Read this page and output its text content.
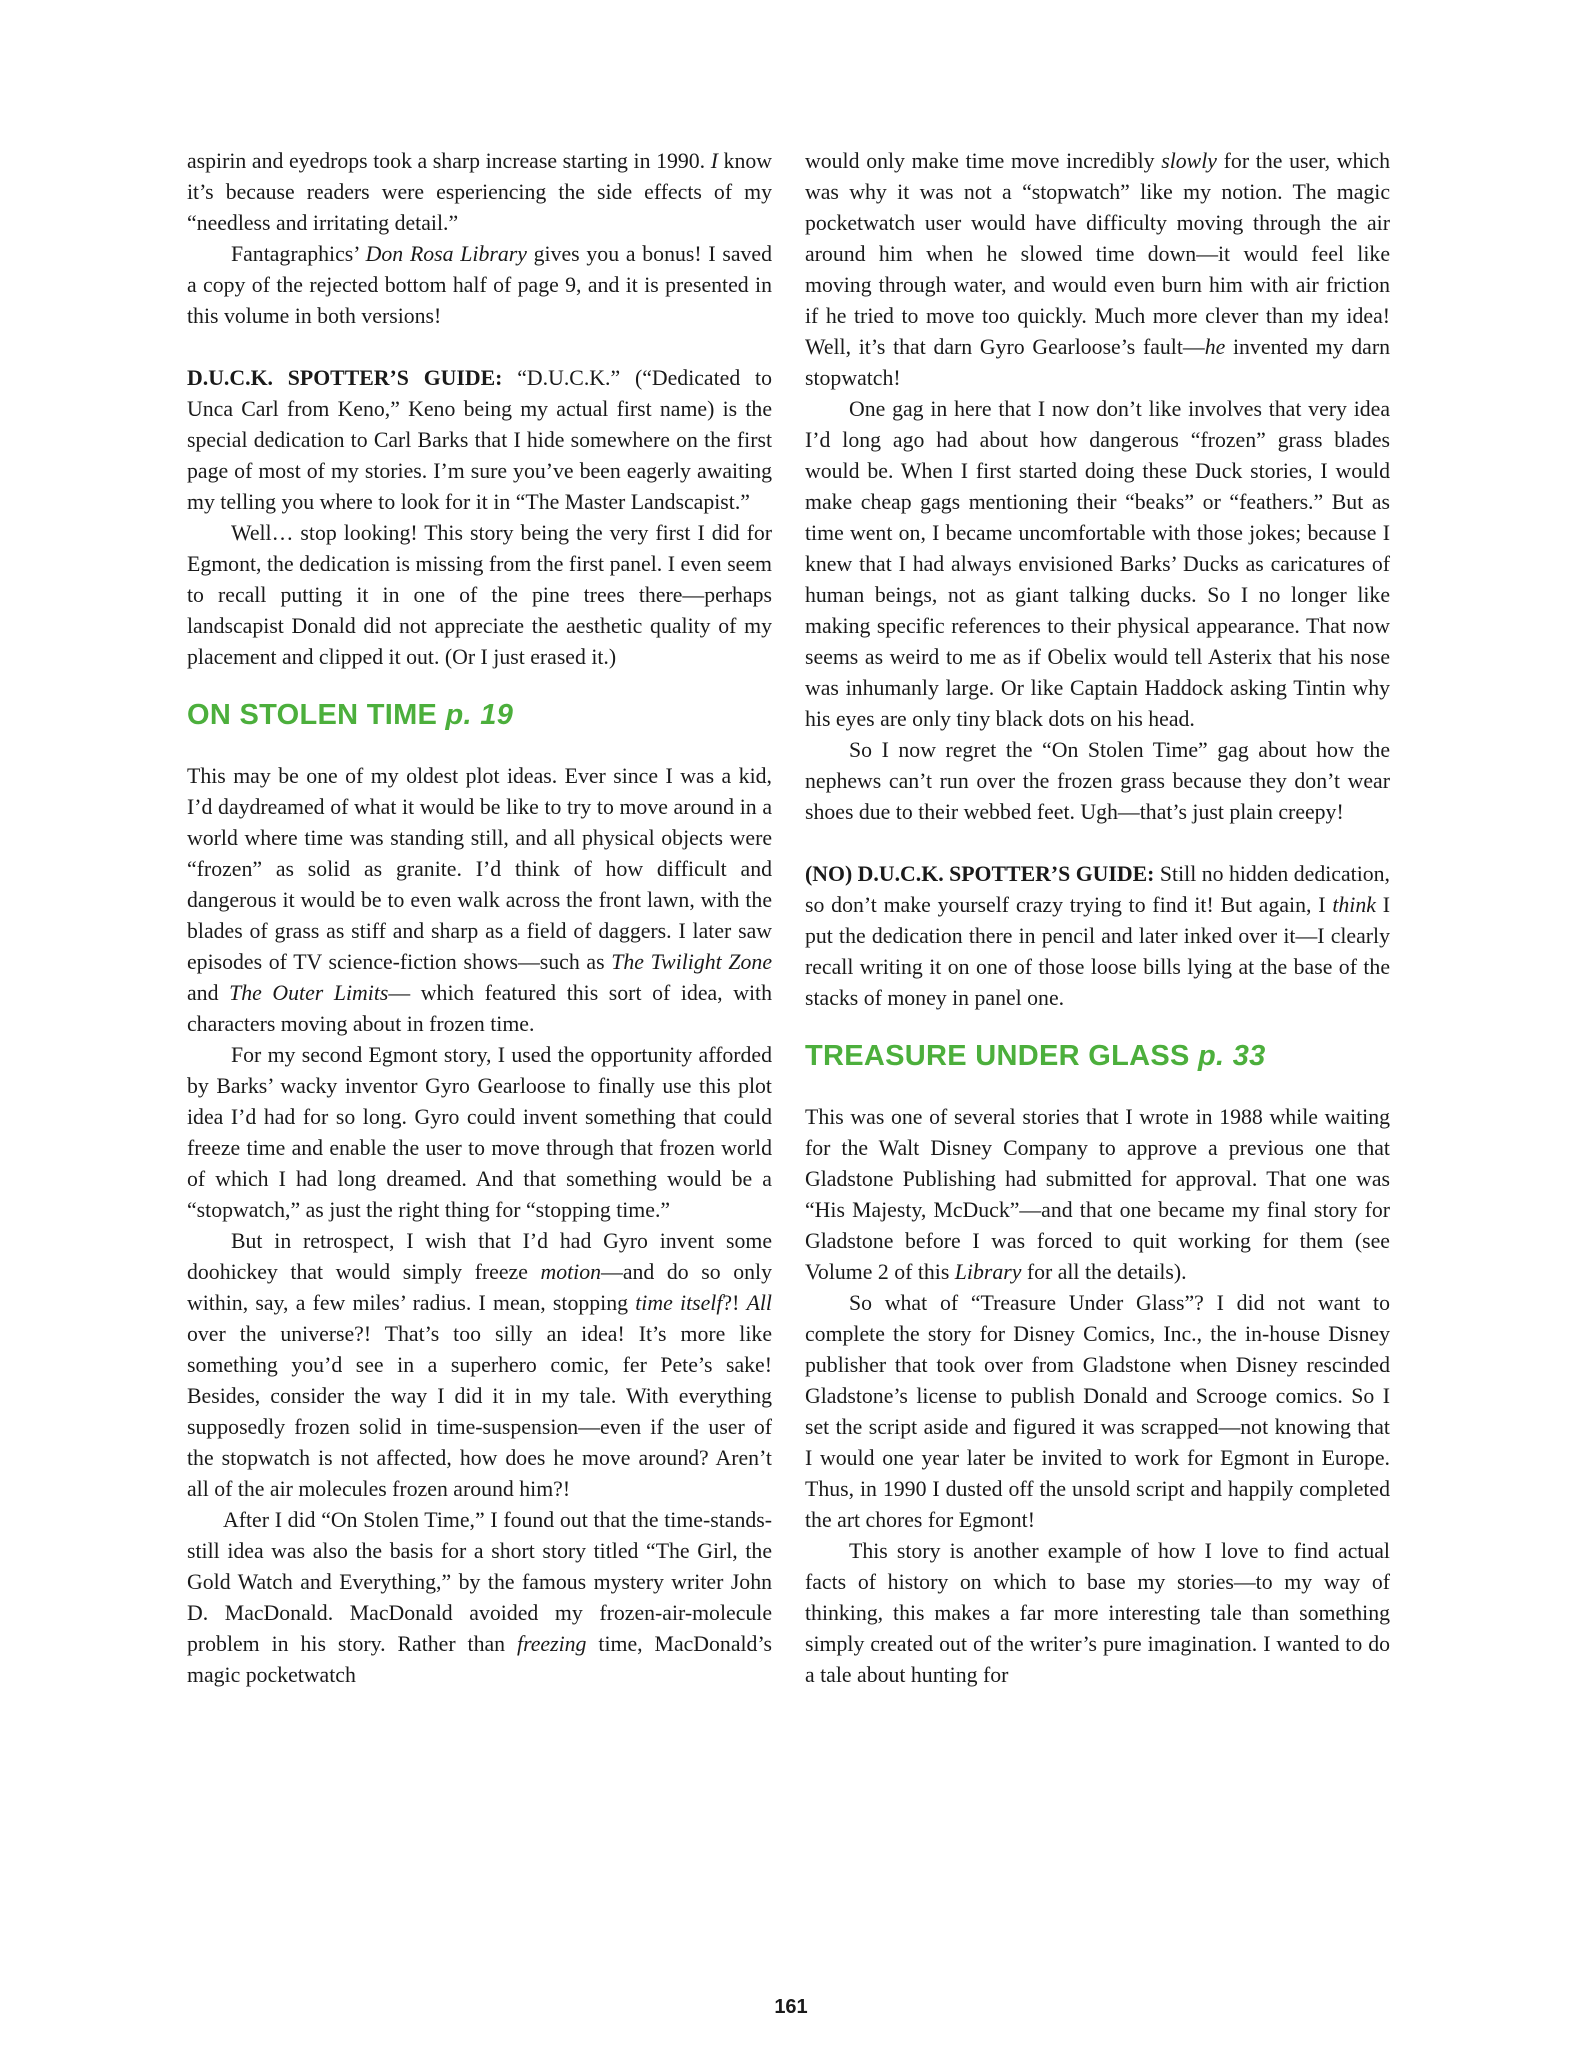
aspirin and eyedrops took a sharp increase starting in 1990. I know it’s because readers were esperiencing the side effects of my “needless and irritating detail.”

Fantagraphics’ Don Rosa Library gives you a bonus! I saved a copy of the rejected bottom half of page 9, and it is presented in this volume in both versions!

D.U.C.K. SPOTTER’S GUIDE: “D.U.C.K.” (“Dedicated to Unca Carl from Keno,” Keno being my actual first name) is the special dedication to Carl Barks that I hide somewhere on the first page of most of my stories. I’m sure you’ve been eagerly awaiting my telling you where to look for it in “The Master Landscapist.”

Well… stop looking! This story being the very first I did for Egmont, the dedication is missing from the first panel. I even seem to recall putting it in one of the pine trees there—perhaps landscapist Donald did not appreciate the aesthetic quality of my placement and clipped it out. (Or I just erased it.)

ON STOLEN TIME p. 19

This may be one of my oldest plot ideas. Ever since I was a kid, I’d daydreamed of what it would be like to try to move around in a world where time was standing still, and all physical objects were “frozen” as solid as granite. I’d think of how difficult and dangerous it would be to even walk across the front lawn, with the blades of grass as stiff and sharp as a field of daggers. I later saw episodes of TV science-fiction shows—such as The Twilight Zone and The Outer Limits— which featured this sort of idea, with characters moving about in frozen time.

For my second Egmont story, I used the opportunity afforded by Barks’ wacky inventor Gyro Gearloose to finally use this plot idea I’d had for so long. Gyro could invent something that could freeze time and enable the user to move through that frozen world of which I had long dreamed. And that something would be a “stopwatch,” as just the right thing for “stopping time.”

But in retrospect, I wish that I’d had Gyro invent some doohickey that would simply freeze motion—and do so only within, say, a few miles’ radius. I mean, stopping time itself?! All over the universe?! That’s too silly an idea! It’s more like something you’d see in a superhero comic, fer Pete’s sake! Besides, consider the way I did it in my tale. With everything supposedly frozen solid in time-suspension—even if the user of the stopwatch is not affected, how does he move around? Aren’t all of the air molecules frozen around him?!

After I did “On Stolen Time,” I found out that the time-stands-still idea was also the basis for a short story titled “The Girl, the Gold Watch and Everything,” by the famous mystery writer John D. MacDonald. MacDonald avoided my frozen-air-molecule problem in his story. Rather than freezing time, MacDonald’s magic pocketwatch

would only make time move incredibly slowly for the user, which was why it was not a “stopwatch” like my notion. The magic pocketwatch user would have difficulty moving through the air around him when he slowed time down—it would feel like moving through water, and would even burn him with air friction if he tried to move too quickly. Much more clever than my idea! Well, it’s that darn Gyro Gearloose’s fault—he invented my darn stopwatch!

One gag in here that I now don’t like involves that very idea I’d long ago had about how dangerous “frozen” grass blades would be. When I first started doing these Duck stories, I would make cheap gags mentioning their “beaks” or “feathers.” But as time went on, I became uncomfortable with those jokes; because I knew that I had always envisioned Barks’ Ducks as caricatures of human beings, not as giant talking ducks. So I no longer like making specific references to their physical appearance. That now seems as weird to me as if Obelix would tell Asterix that his nose was inhumanly large. Or like Captain Haddock asking Tintin why his eyes are only tiny black dots on his head.

So I now regret the “On Stolen Time” gag about how the nephews can’t run over the frozen grass because they don’t wear shoes due to their webbed feet. Ugh—that’s just plain creepy!

(NO) D.U.C.K. SPOTTER’S GUIDE: Still no hidden dedication, so don’t make yourself crazy trying to find it! But again, I think I put the dedication there in pencil and later inked over it—I clearly recall writing it on one of those loose bills lying at the base of the stacks of money in panel one.

TREASURE UNDER GLASS p. 33

This was one of several stories that I wrote in 1988 while waiting for the Walt Disney Company to approve a previous one that Gladstone Publishing had submitted for approval. That one was “His Majesty, McDuck”—and that one became my final story for Gladstone before I was forced to quit working for them (see Volume 2 of this Library for all the details).

So what of “Treasure Under Glass”? I did not want to complete the story for Disney Comics, Inc., the in-house Disney publisher that took over from Gladstone when Disney rescinded Gladstone’s license to publish Donald and Scrooge comics. So I set the script aside and figured it was scrapped—not knowing that I would one year later be invited to work for Egmont in Europe. Thus, in 1990 I dusted off the unsold script and happily completed the art chores for Egmont!

This story is another example of how I love to find actual facts of history on which to base my stories—to my way of thinking, this makes a far more interesting tale than something simply created out of the writer’s pure imagination. I wanted to do a tale about hunting for

161
